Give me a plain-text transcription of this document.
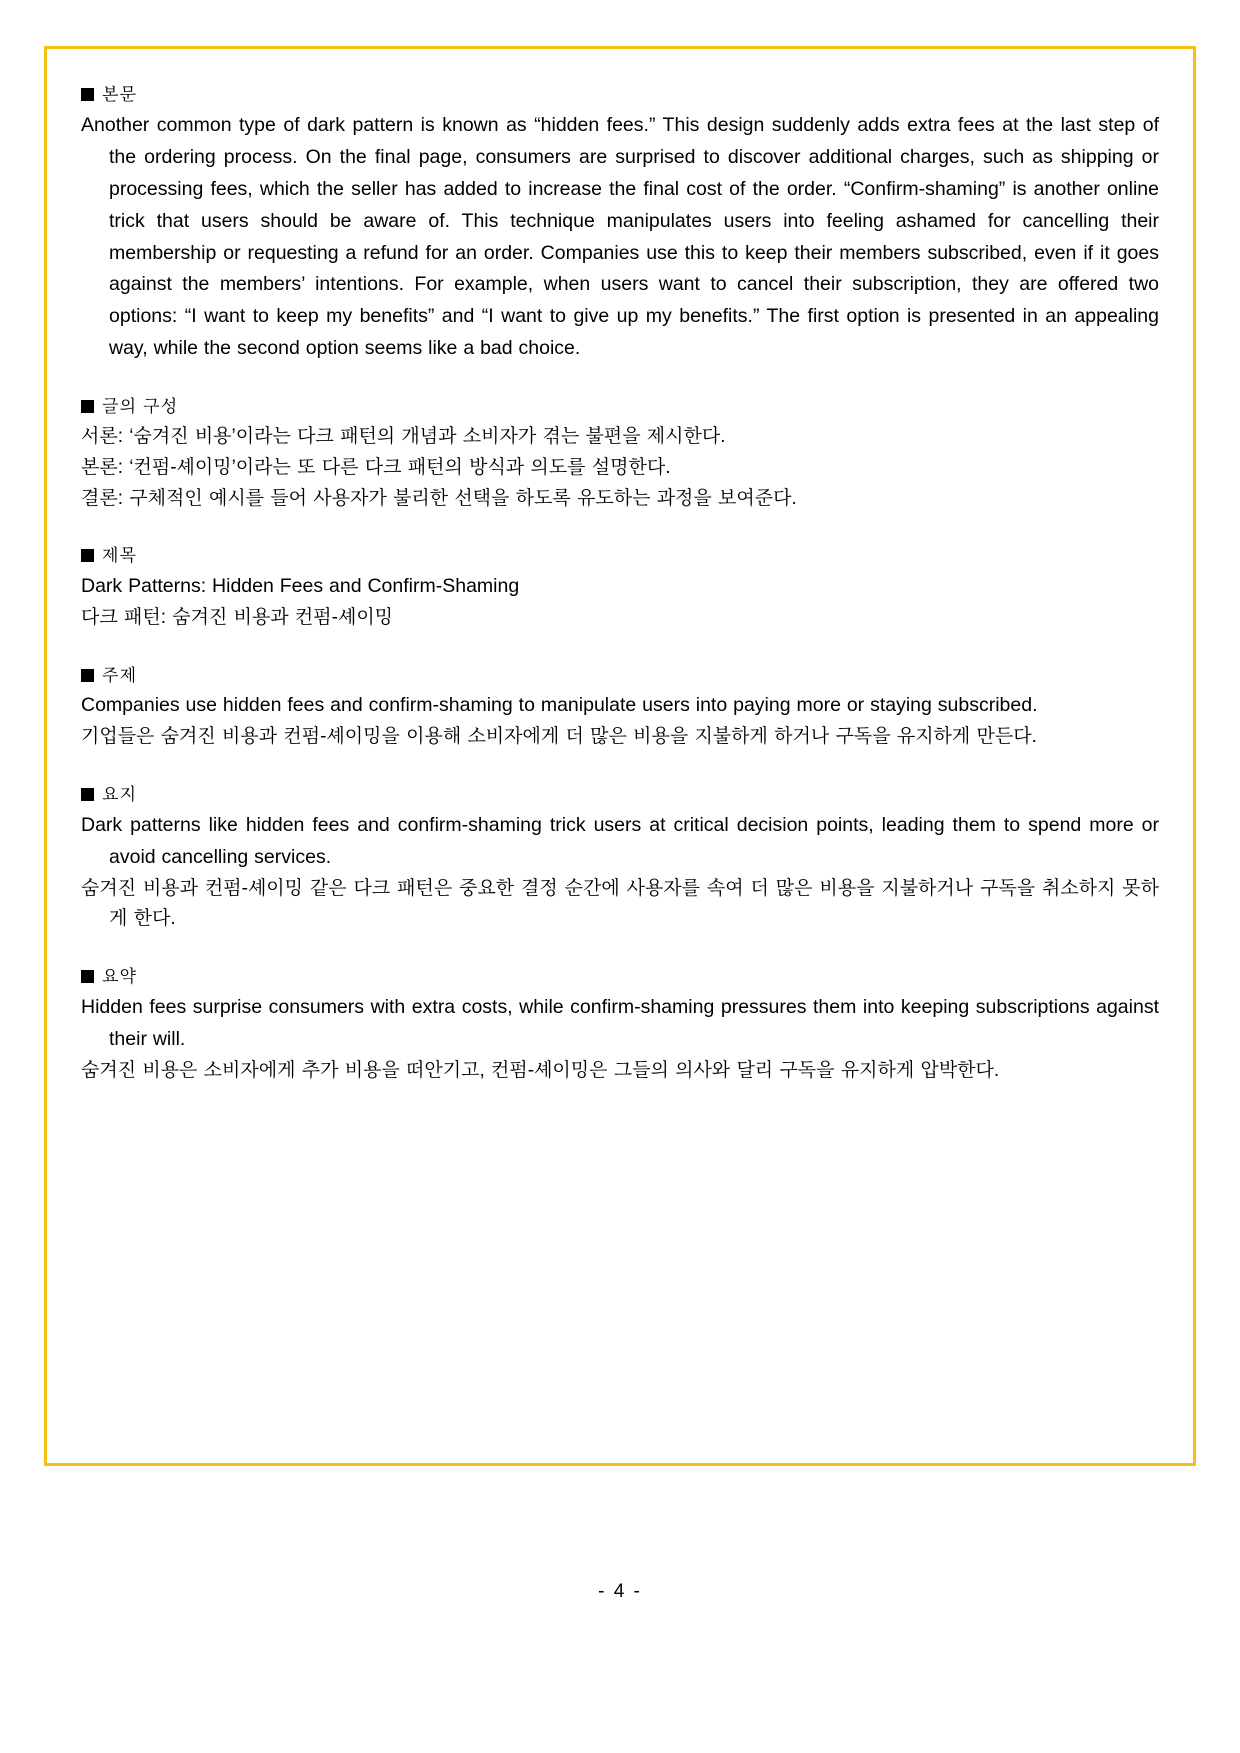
본문

Another common type of dark pattern is known as “hidden fees.” This design suddenly adds extra fees at the last step of the ordering process. On the final page, consumers are surprised to discover additional charges, such as shipping or processing fees, which the seller has added to increase the final cost of the order. “Confirm-shaming” is another online trick that users should be aware of. This technique manipulates users into feeling ashamed for cancelling their membership or requesting a refund for an order. Companies use this to keep their members subscribed, even if it goes against the members’ intentions. For example, when users want to cancel their subscription, they are offered two options: “I want to keep my benefits” and “I want to give up my benefits.” The first option is presented in an appealing way, while the second option seems like a bad choice.

글의 구성

서론: ‘숨겨진 비용’이라는 다크 패턴의 개념과 소비자가 겪는 불편을 제시한다.

본론: ‘컨펌-셰이밍’이라는 또 다른 다크 패턴의 방식과 의도를 설명한다.

결론: 구체적인 예시를 들어 사용자가 불리한 선택을 하도록 유도하는 과정을 보여준다.

제목

Dark Patterns: Hidden Fees and Confirm-Shaming

다크 패턴: 숨겨진 비용과 컨펌-셰이밍

주제

Companies use hidden fees and confirm-shaming to manipulate users into paying more or staying subscribed.

기업들은 숨겨진 비용과 컨펌-셰이밍을 이용해 소비자에게 더 많은 비용을 지불하게 하거나 구독을 유지하게 만든다.

요지

Dark patterns like hidden fees and confirm-shaming trick users at critical decision points, leading them to spend more or avoid cancelling services.

숨겨진 비용과 컨펌-셰이밍 같은 다크 패턴은 중요한 결정 순간에 사용자를 속여 더 많은 비용을 지불하거나 구독을 취소하지 못하게 한다.

요약

Hidden fees surprise consumers with extra costs, while confirm-shaming pressures them into keeping subscriptions against their will.

숨겨진 비용은 소비자에게 추가 비용을 떠안기고, 컨펌-셰이밍은 그들의 의사와 달리 구독을 유지하게 압박한다.

- 4 -
